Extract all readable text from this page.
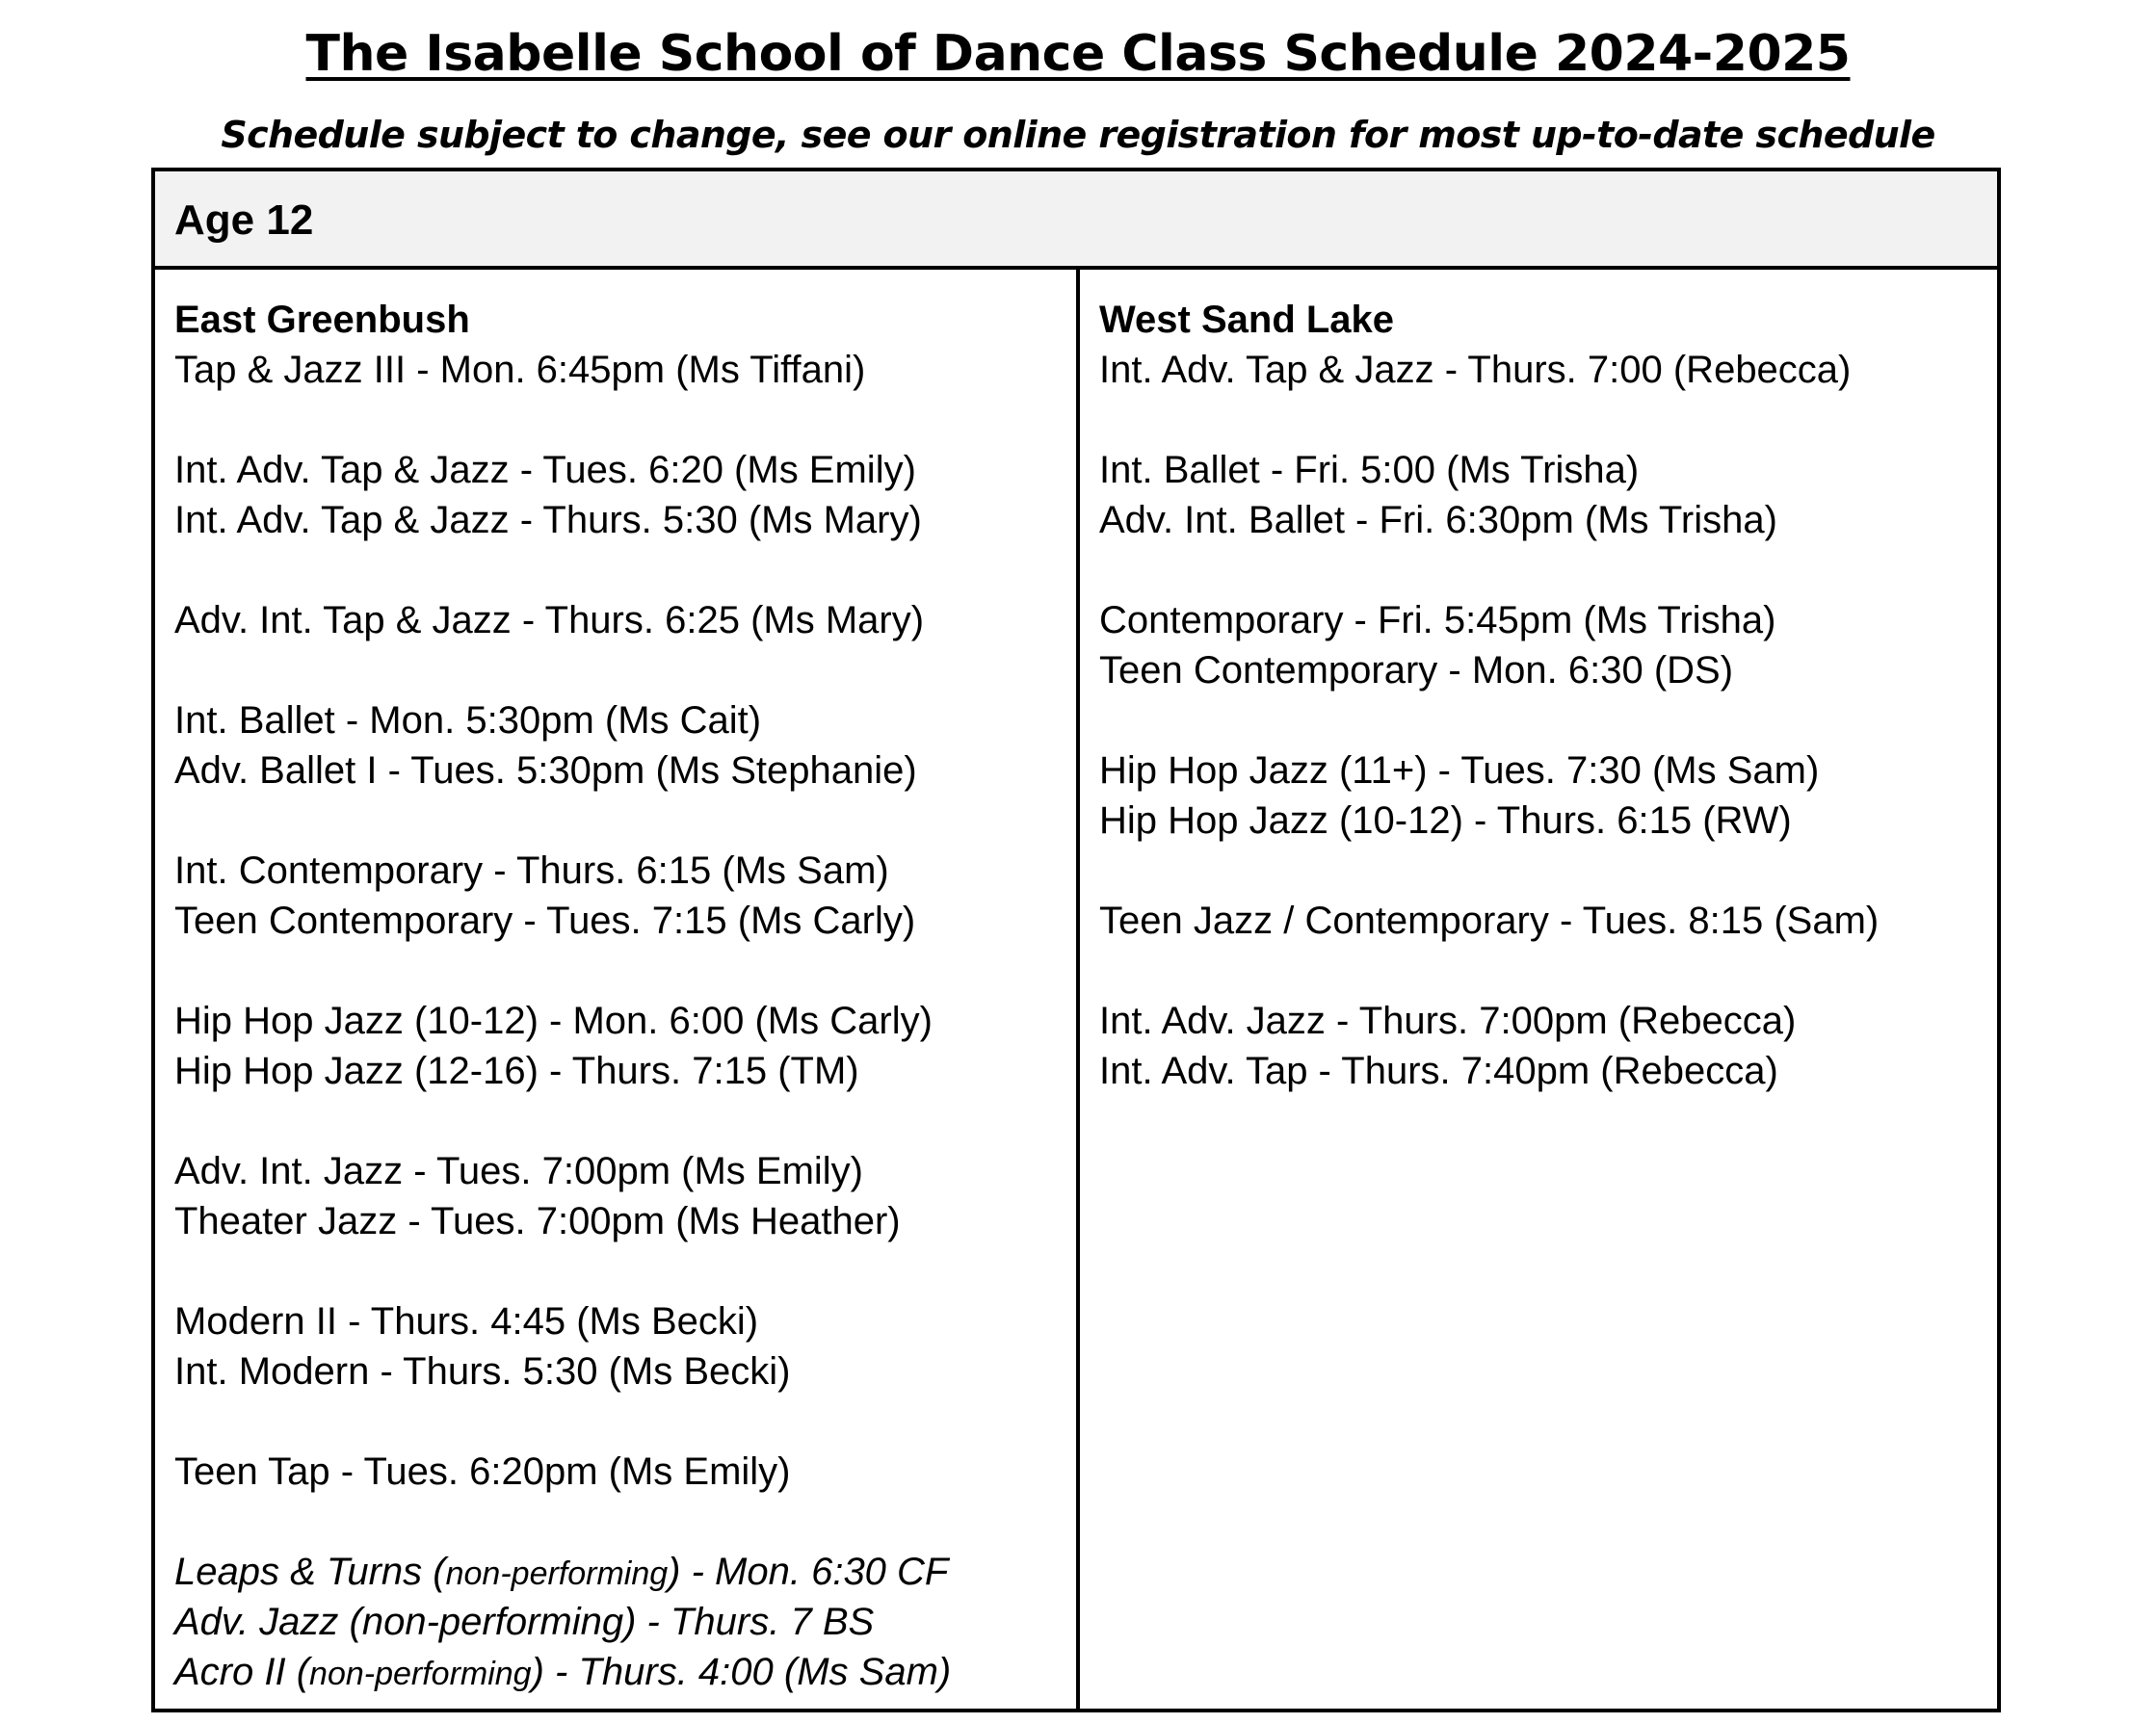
The Isabelle School of Dance Class Schedule 2024-2025

Schedule subject to change, see our online registration for most up-to-date schedule

Age 12
East Greenbush
Tap & Jazz III - Mon. 6:45pm (Ms Tiffani)
Int. Adv. Tap & Jazz - Tues. 6:20 (Ms Emily)
Int. Adv. Tap & Jazz - Thurs. 5:30 (Ms Mary)
Adv. Int. Tap & Jazz - Thurs. 6:25 (Ms Mary)
Int. Ballet - Mon. 5:30pm (Ms Cait)
Adv. Ballet I - Tues. 5:30pm (Ms Stephanie)
Int. Contemporary - Thurs. 6:15 (Ms Sam)
Teen Contemporary - Tues. 7:15 (Ms Carly)
Hip Hop Jazz (10-12) - Mon. 6:00 (Ms Carly)
Hip Hop Jazz (12-16) - Thurs. 7:15 (TM)
Adv. Int. Jazz - Tues. 7:00pm (Ms Emily)
Theater Jazz - Tues. 7:00pm (Ms Heather)
Modern II - Thurs. 4:45 (Ms Becki)
Int. Modern - Thurs. 5:30 (Ms Becki)
Teen Tap - Tues. 6:20pm (Ms Emily)
Leaps & Turns (non-performing) - Mon. 6:30 CF
Adv. Jazz (non-performing) - Thurs. 7 BS
Acro II (non-performing) - Thurs. 4:00 (Ms Sam)
West Sand Lake
Int. Adv. Tap & Jazz - Thurs. 7:00 (Rebecca)
Int. Ballet - Fri. 5:00 (Ms Trisha)
Adv. Int. Ballet - Fri. 6:30pm (Ms Trisha)
Contemporary - Fri. 5:45pm (Ms Trisha)
Teen Contemporary - Mon. 6:30 (DS)
Hip Hop Jazz (11+) - Tues. 7:30 (Ms Sam)
Hip Hop Jazz (10-12) - Thurs. 6:15 (RW)
Teen Jazz / Contemporary - Tues. 8:15 (Sam)
Int. Adv. Jazz - Thurs. 7:00pm (Rebecca)
Int. Adv. Tap - Thurs. 7:40pm (Rebecca)
